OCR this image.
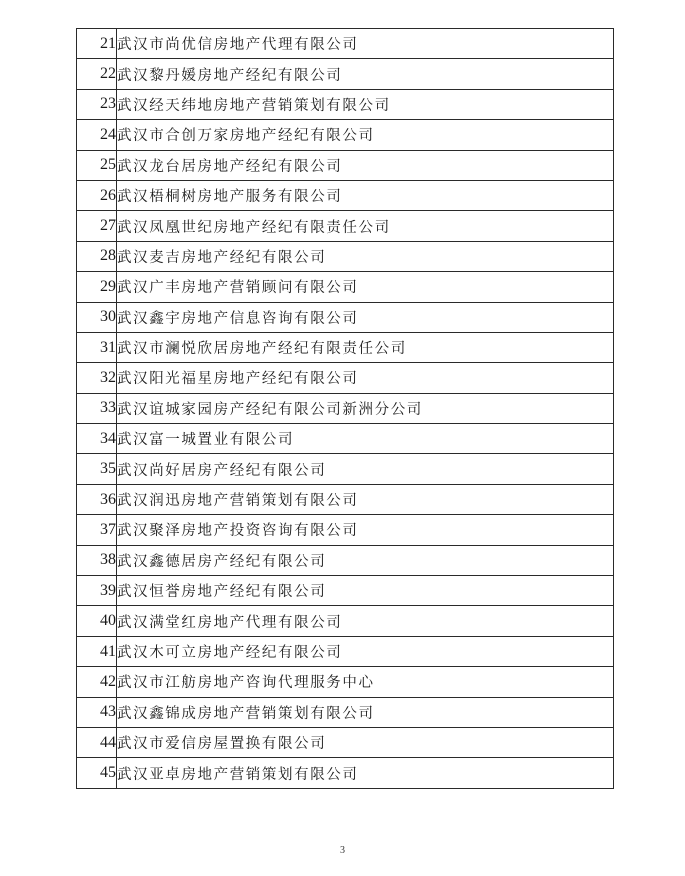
21	武汉市尚优信房地产代理有限公司
22	武汉黎丹媛房地产经纪有限公司
23	武汉经天纬地房地产营销策划有限公司
24	武汉市合创万家房地产经纪有限公司
25	武汉龙台居房地产经纪有限公司
26	武汉梧桐树房地产服务有限公司
27	武汉凤凰世纪房地产经纪有限责任公司
28	武汉麦吉房地产经纪有限公司
29	武汉广丰房地产营销顾问有限公司
30	武汉鑫宇房地产信息咨询有限公司
31	武汉市澜悦欣居房地产经纪有限责任公司
32	武汉阳光福星房地产经纪有限公司
33	武汉谊城家园房产经纪有限公司新洲分公司
34	武汉富一城置业有限公司
35	武汉尚好居房产经纪有限公司
36	武汉润迅房地产营销策划有限公司
37	武汉聚泽房地产投资咨询有限公司
38	武汉鑫德居房产经纪有限公司
39	武汉恒誉房地产经纪有限公司
40	武汉满堂红房地产代理有限公司
41	武汉木可立房地产经纪有限公司
42	武汉市江舫房地产咨询代理服务中心
43	武汉鑫锦成房地产营销策划有限公司
44	武汉市爱信房屋置换有限公司
45	武汉亚卓房地产营销策划有限公司
3
